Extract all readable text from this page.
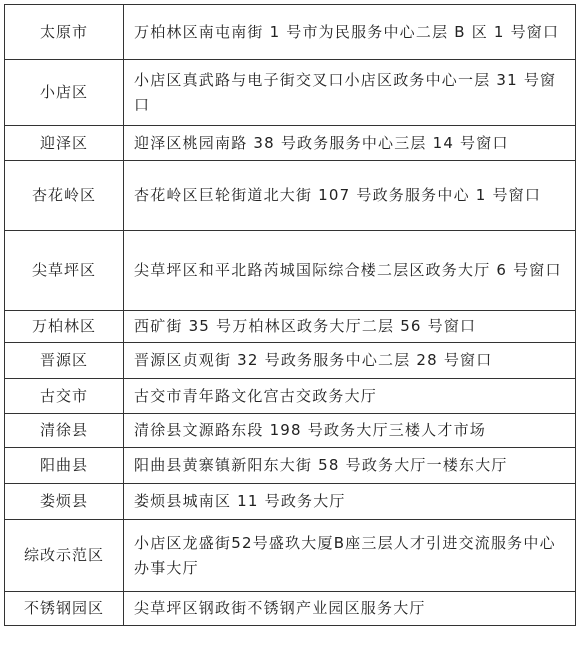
太原市	万柏林区南屯南街 1 号市为民服务中心二层 B 区 1 号窗口
小店区	小店区真武路与电子街交叉口小店区政务中心一层 31 号窗口
迎泽区	迎泽区桃园南路 38 号政务服务中心三层 14 号窗口
杏花岭区	杏花岭区巨轮街道北大街 107 号政务服务中心 1 号窗口
尖草坪区	尖草坪区和平北路芮城国际综合楼二层区政务大厅 6 号窗口
万柏林区	西矿街 35 号万柏林区政务大厅二层 56 号窗口
晋源区	晋源区贞观街 32 号政务服务中心二层 28 号窗口
古交市	古交市青年路文化宫古交政务大厅
清徐县	清徐县文源路东段 198 号政务大厅三楼人才市场
阳曲县	阳曲县黄寨镇新阳东大街 58 号政务大厅一楼东大厅
娄烦县	娄烦县城南区 11 号政务大厅
综改示范区	小店区龙盛街52号盛玖大厦B座三层人才引进交流服务中心办事大厅
不锈钢园区	尖草坪区钢政街不锈钢产业园区服务大厅
